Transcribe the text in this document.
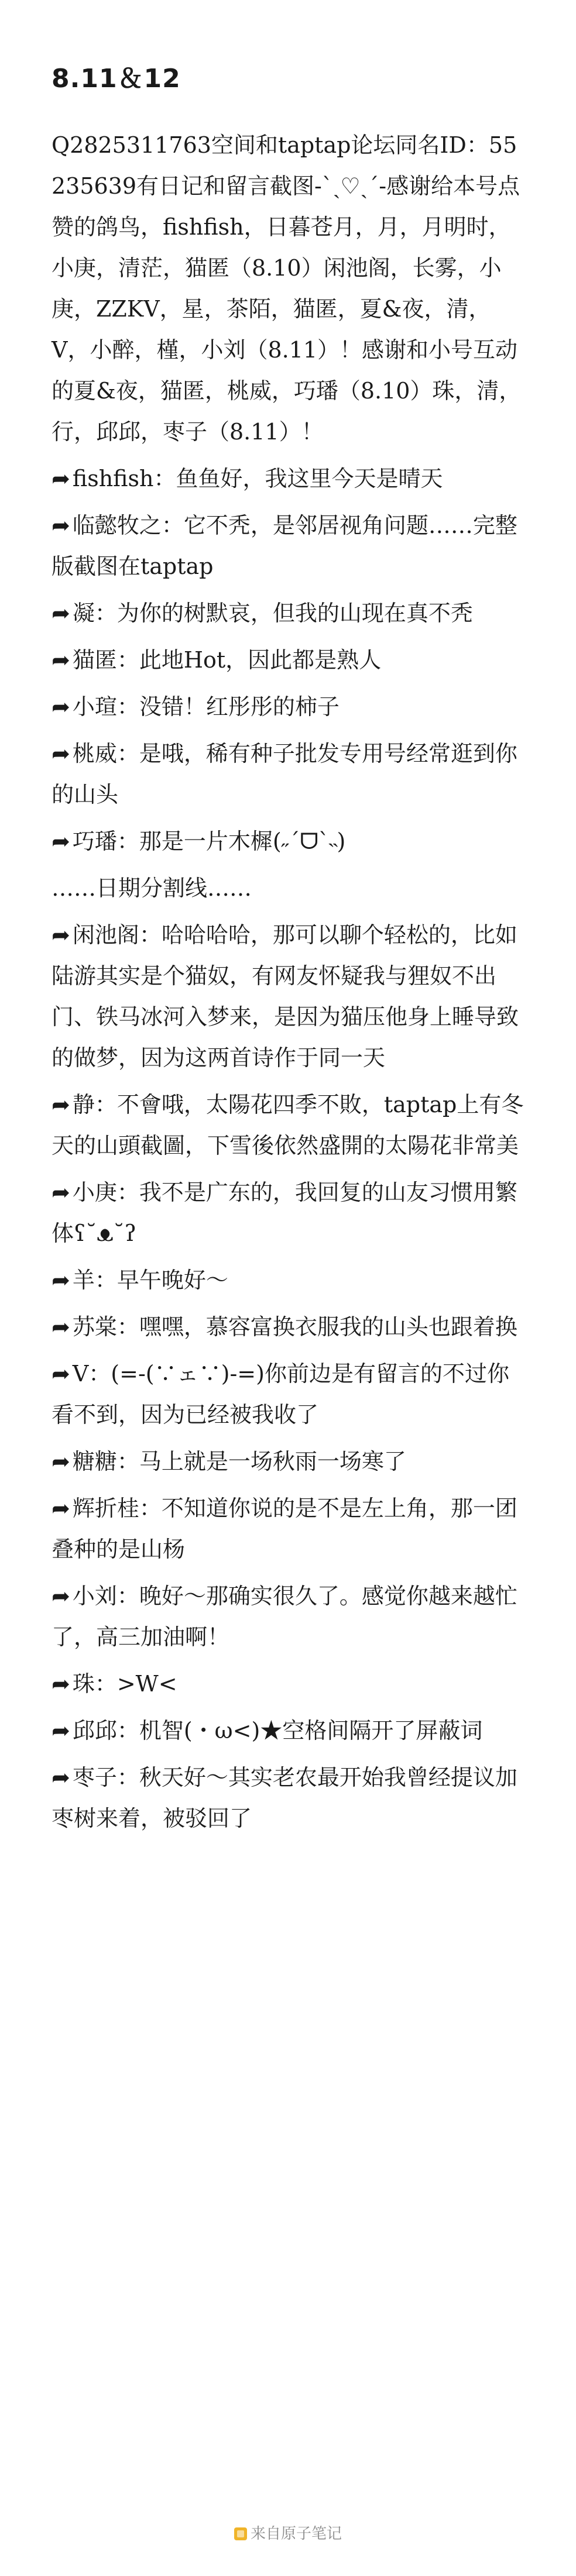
8.11＆12

Q2825311763空间和taptap论坛同名ID：55235639有日记和留言截图-ˋˏ♡ˎˊ-感谢给本号点赞的鸽鸟，fishfish，日暮苍月，月，月明时，小庚，清茫，猫匿（8.10）闲池阁，长雾，小庚，ZZKV，星，茶陌，猫匿，夏&夜，清，V，小醉，槿，小刘（8.11）！感谢和小号互动的夏&夜，猫匿，桃威，巧璠（8.10）珠，清，行，邱邱，枣子（8.11）！

➦ fishfish：鱼鱼好，我这里今天是晴天

➦ 临懿牧之：它不秃，是邻居视角问题……完整版截图在taptap

➦ 凝：为你的树默哀，但我的山现在真不秃

➦ 猫匿：此地Hot，因此都是熟人

➦ 小瑄：没错！红彤彤的柿子

➦ 桃威：是哦，稀有种子批发专用号经常逛到你的山头

➦ 巧璠：那是一片木樨(˶ˊᗜˋ˵)

……日期分割线……

➦ 闲池阁：哈哈哈哈，那可以聊个轻松的，比如陆游其实是个猫奴，有网友怀疑我与狸奴不出门、铁马冰河入梦来，是因为猫压他身上睡导致的做梦，因为这两首诗作于同一天

➦ 静：不會哦，太陽花四季不敗，taptap上有冬天的山頭截圖，下雪後依然盛開的太陽花非常美

➦ 小庚：我不是广东的，我回复的山友习惯用繁体ʕ˘ᴥ˘ʔ

➦ 羊：早午晚好～

➦ 苏棠：嘿嘿，慕容富换衣服我的山头也跟着换

➦ V：(=-(∵ェ∵)-=)你前边是有留言的不过你看不到，因为已经被我收了

➦ 糖糖：马上就是一场秋雨一场寒了

➦ 辉折桂：不知道你说的是不是左上角，那一团叠种的是山杨

➦ 小刘：晚好～那确实很久了。感觉你越来越忙了，高三加油啊！

➦ 珠：>W<

➦ 邱邱：机智(・ω<)★空格间隔开了屏蔽词

➦ 枣子：秋天好～其实老农最开始我曾经提议加枣树来着，被驳回了

来自原子笔记
